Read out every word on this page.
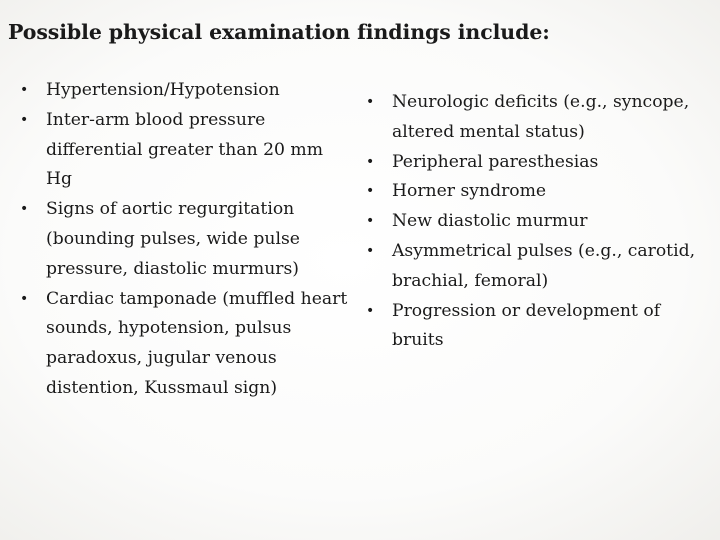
Possible physical examination findings include:
•	Hypertension/Hypotension
•	Inter-arm blood pressure differential greater than 20 mm Hg
•	Signs of aortic regurgitation (bounding pulses, wide pulse pressure, diastolic murmurs)
•	Cardiac tamponade (muffled heart sounds, hypotension, pulsus paradoxus, jugular venous distention, Kussmaul sign)
•	Neurologic deficits (e.g., syncope, altered mental status)
•	Peripheral paresthesias
•	Horner syndrome
•	New diastolic murmur
•	Asymmetrical pulses (e.g., carotid, brachial, femoral)
•	Progression or development of bruits
